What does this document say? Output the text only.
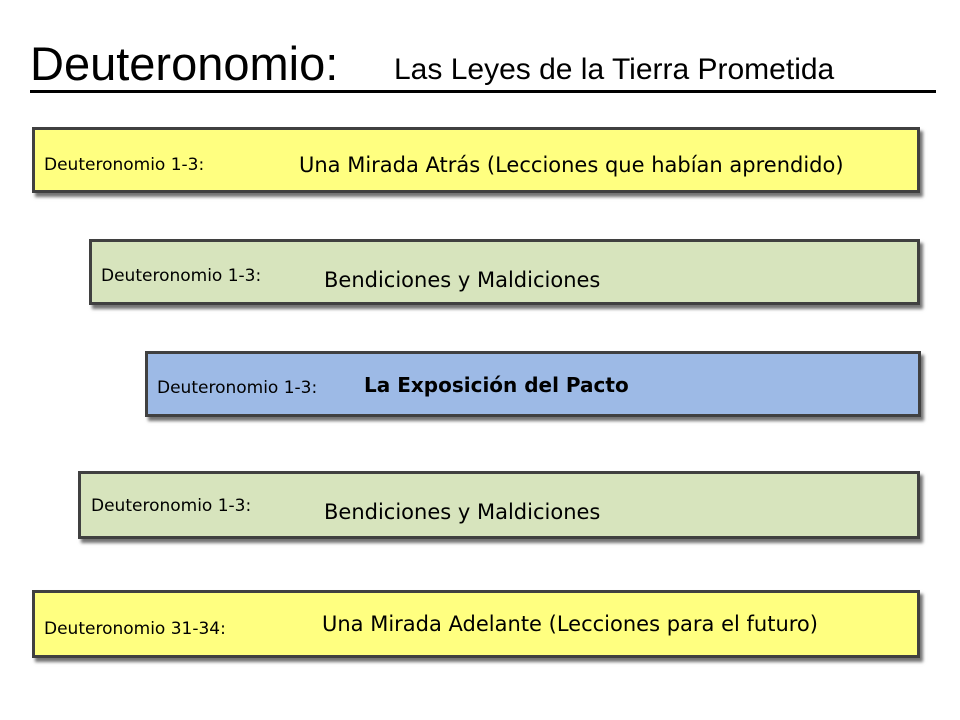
Deuteronomio: Las Leyes de la Tierra Prometida
Deuteronomio 1-3:	Una Mirada Atrás (Lecciones que habían aprendido)
Deuteronomio 1-3:	Bendiciones y Maldiciones
Deuteronomio 1-3: La Exposición del Pacto
Deuteronomio 1-3:	Bendiciones y Maldiciones
Deuteronomio 31-34:	Una Mirada Adelante (Lecciones para el futuro)
